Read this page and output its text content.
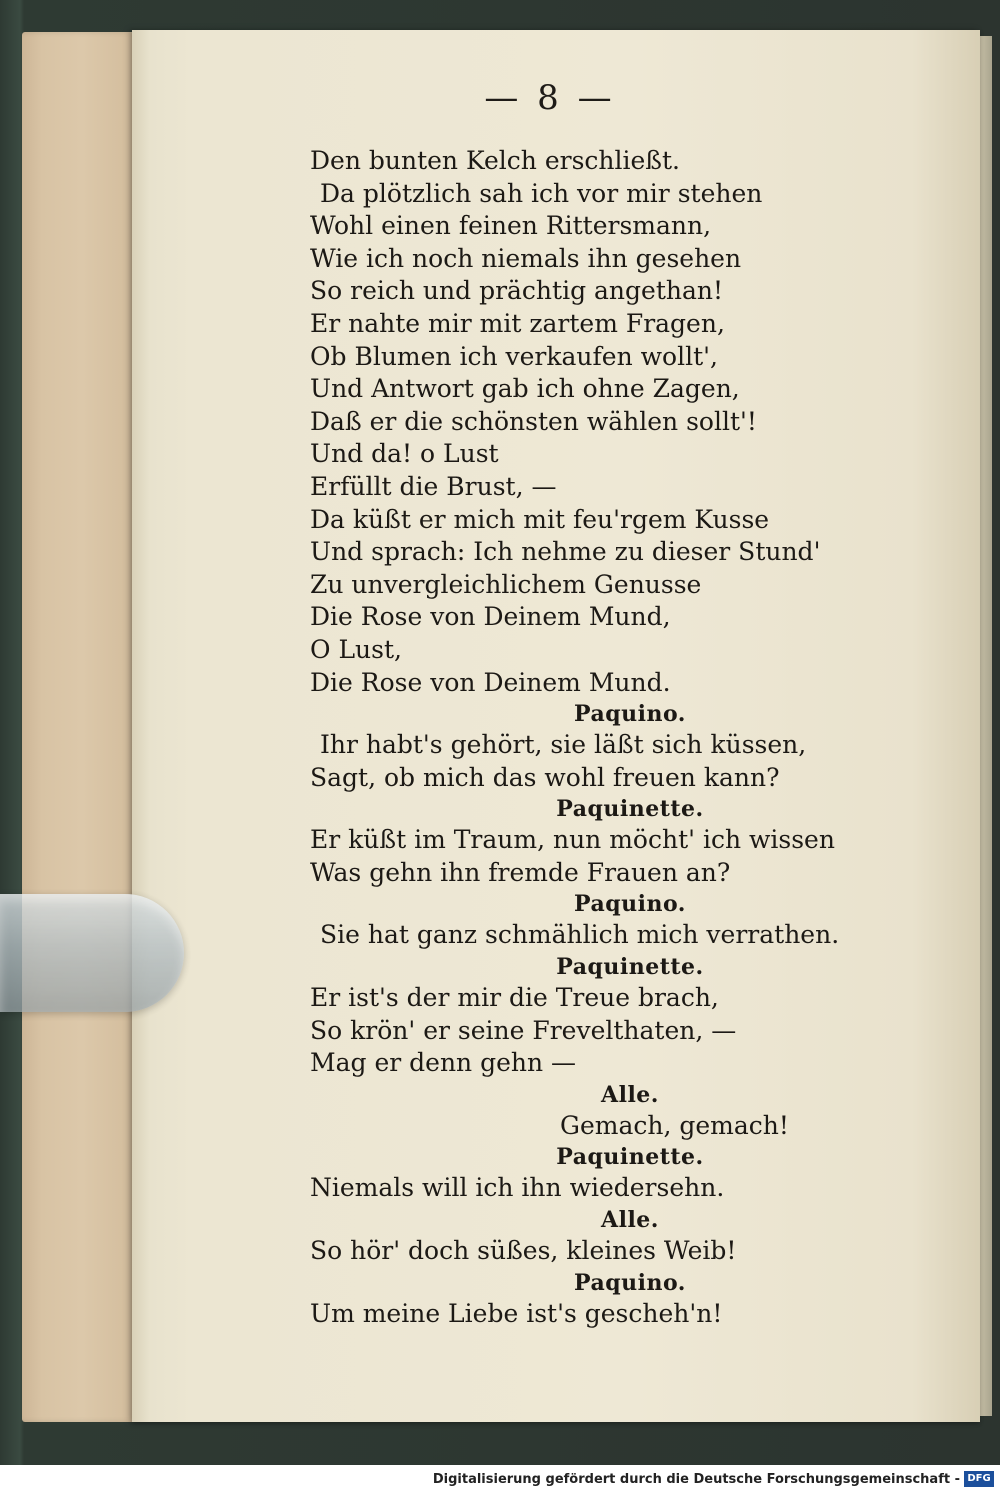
— 8 —
Den bunten Kelch erschließt.
Da plötzlich sah ich vor mir stehen
Wohl einen feinen Rittersmann,
Wie ich noch niemals ihn gesehen
So reich und prächtig angethan!
Er nahte mir mit zartem Fragen,
Ob Blumen ich verkaufen wollt',
Und Antwort gab ich ohne Zagen,
Daß er die schönsten wählen sollt'!
Und da! o Lust
Erfüllt die Brust, —
Da küßt er mich mit feu'rgem Kusse
Und sprach: Ich nehme zu dieser Stund'
Zu unvergleichlichem Genusse
Die Rose von Deinem Mund,
O Lust,
Die Rose von Deinem Mund.
Paquino.
Ihr habt's gehört, sie läßt sich küssen,
Sagt, ob mich das wohl freuen kann?
Paquinette.
Er küßt im Traum, nun möcht' ich wissen
Was gehn ihn fremde Frauen an?
Paquino.
Sie hat ganz schmählich mich verrathen.
Paquinette.
Er ist's der mir die Treue brach,
So krön' er seine Frevelthaten, —
Mag er denn gehn —
Alle.
Gemach, gemach!
Paquinette.
Niemals will ich ihn wiedersehn.
Alle.
So hör' doch süßes, kleines Weib!
Paquino.
Um meine Liebe ist's gescheh'n!
Digitalisierung gefördert durch die Deutsche Forschungsgemeinschaft - DFG
